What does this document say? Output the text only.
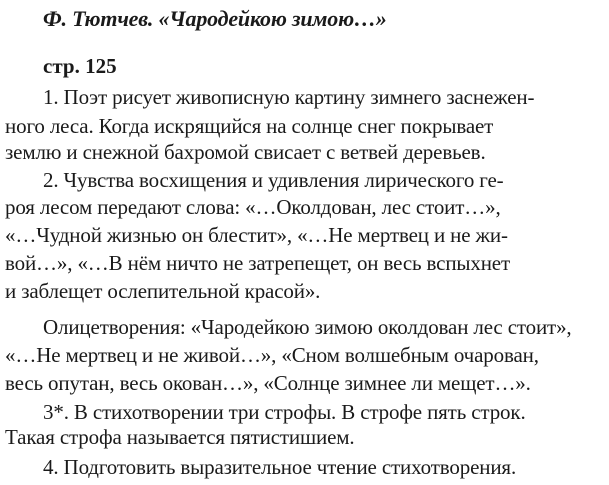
Ф. Тютчев. «Чародейкою зимою…»
стр. 125
1. Поэт рисует живописную картину зимнего заснежен-
ного леса. Когда искрящийся на солнце снег покрывает
землю и снежной бахромой свисает с ветвей деревьев.
2. Чувства восхищения и удивления лирического ге-
роя лесом передают слова: «…Околдован, лес стоит…»,
«…Чудной жизнью он блестит», «…Не мертвец и не жи-
вой…», «…В нём ничто не затрепещет, он весь вспыхнет
и заблещет ослепительной красой».
Олицетворения: «Чародейкою зимою околдован лес стоит»,
«…Не мертвец и не живой…», «Сном волшебным очарован,
весь опутан, весь окован…», «Солнце зимнее ли мещет…».
3*. В стихотворении три строфы. В строфе пять строк.
Такая строфа называется пятистишием.
4. Подготовить выразительное чтение стихотворения.
